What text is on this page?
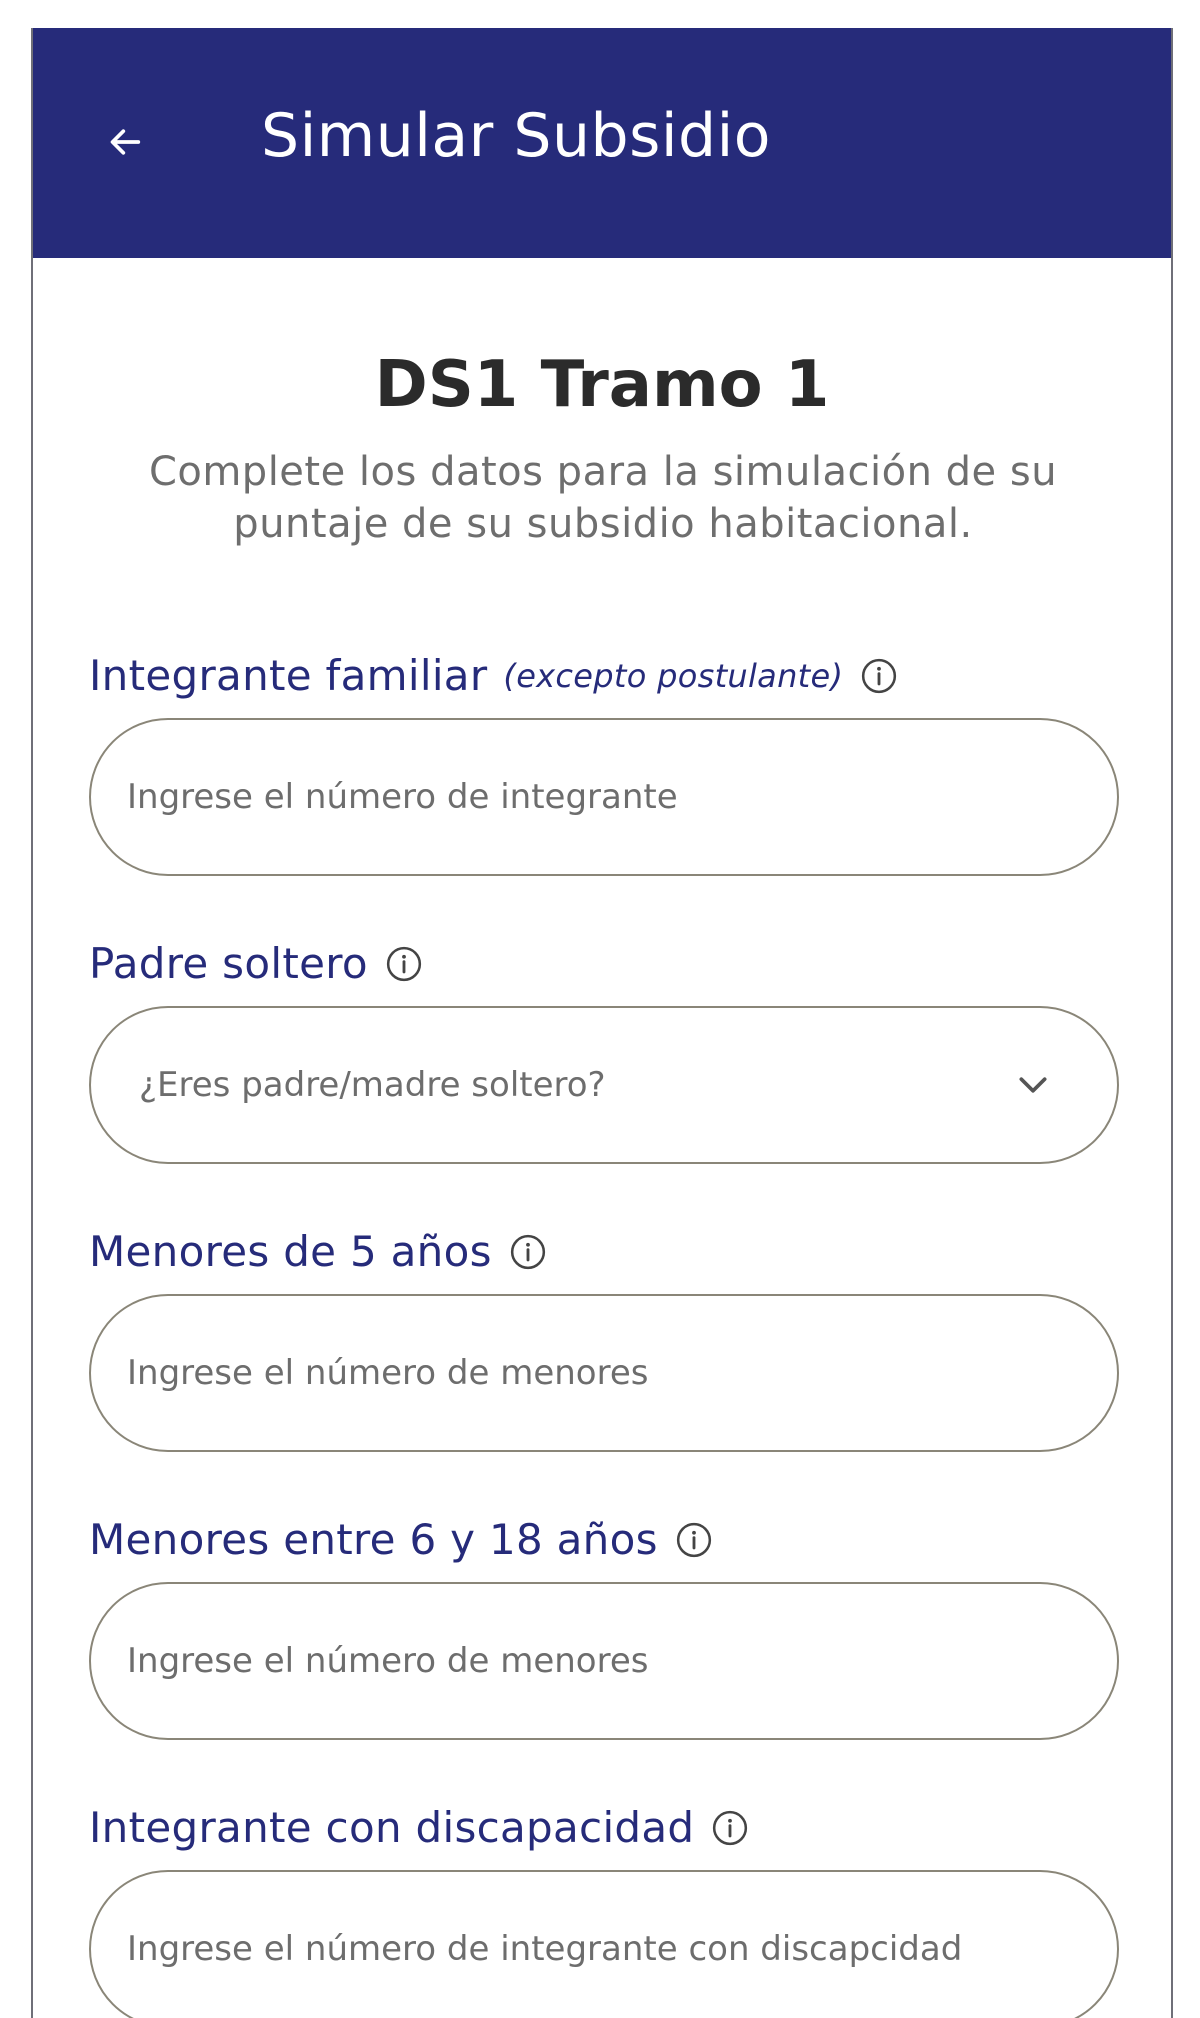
Simular Subsidio
DS1 Tramo 1
Complete los datos para la simulación de su puntaje de su subsidio habitacional.
Integrante familiar (excepto postulante)
Ingrese el número de integrante
Padre soltero
¿Eres padre/madre soltero?
Menores de 5 años
Ingrese el número de menores
Menores entre 6 y 18 años
Ingrese el número de menores
Integrante con discapacidad
Ingrese el número de integrante con discapcidad
